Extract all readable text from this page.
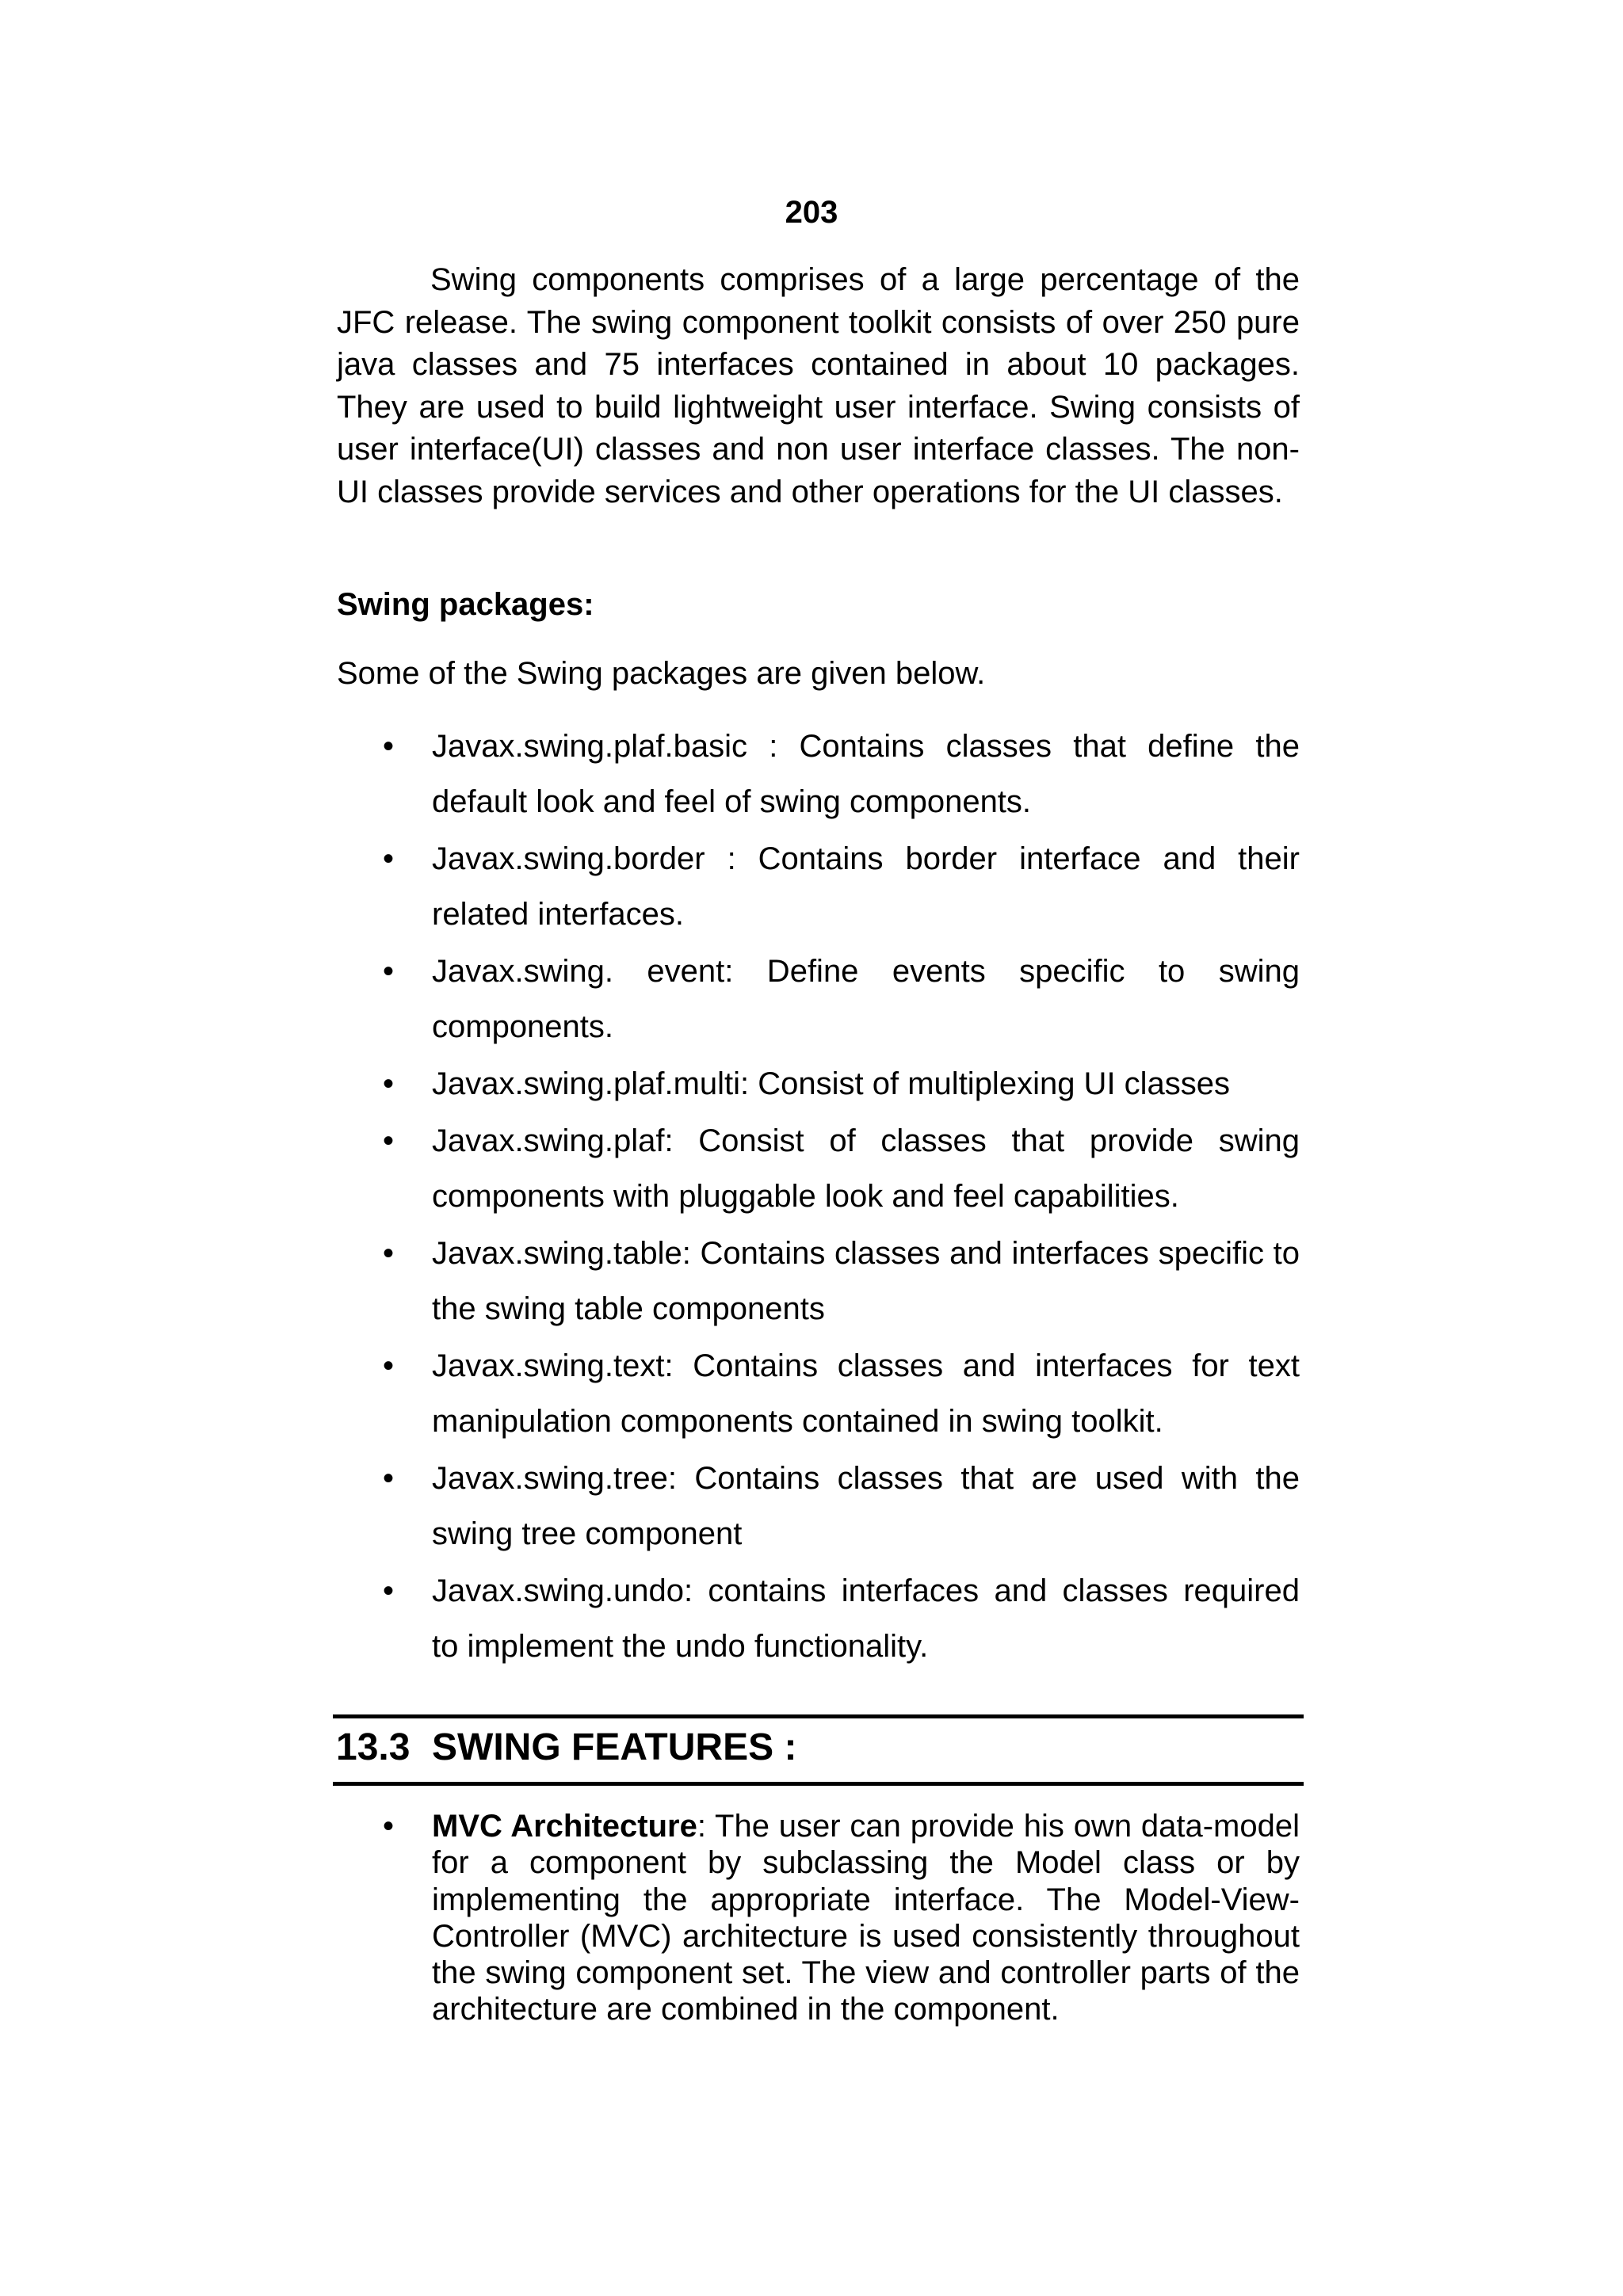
203

Swing components comprises of a large percentage of the JFC release. The swing component toolkit consists of over 250 pure java classes and 75 interfaces contained in about 10 packages. They are used to build lightweight user interface. Swing consists of user interface(UI) classes and non user interface classes. The non-UI classes provide services and other operations for the UI classes.

Swing packages:

Some of the Swing packages are given below.

• Javax.swing.plaf.basic : Contains classes that define the default look and feel of swing components.
• Javax.swing.border : Contains border interface and their related interfaces.
• Javax.swing. event: Define events specific to swing components.
• Javax.swing.plaf.multi: Consist of multiplexing UI classes
• Javax.swing.plaf: Consist of classes that provide swing components with pluggable look and feel capabilities.
• Javax.swing.table: Contains classes and interfaces specific to the swing table components
• Javax.swing.text: Contains classes and interfaces for text manipulation components contained in swing toolkit.
• Javax.swing.tree: Contains classes that are used with the swing tree component
• Javax.swing.undo: contains interfaces and classes required to implement the undo functionality.
13.3 SWING FEATURES :
• MVC Architecture: The user can provide his own data-model for a component by subclassing the Model class or by implementing the appropriate interface. The Model-View-Controller (MVC) architecture is used consistently throughout the swing component set. The view and controller parts of the architecture are combined in the component.
